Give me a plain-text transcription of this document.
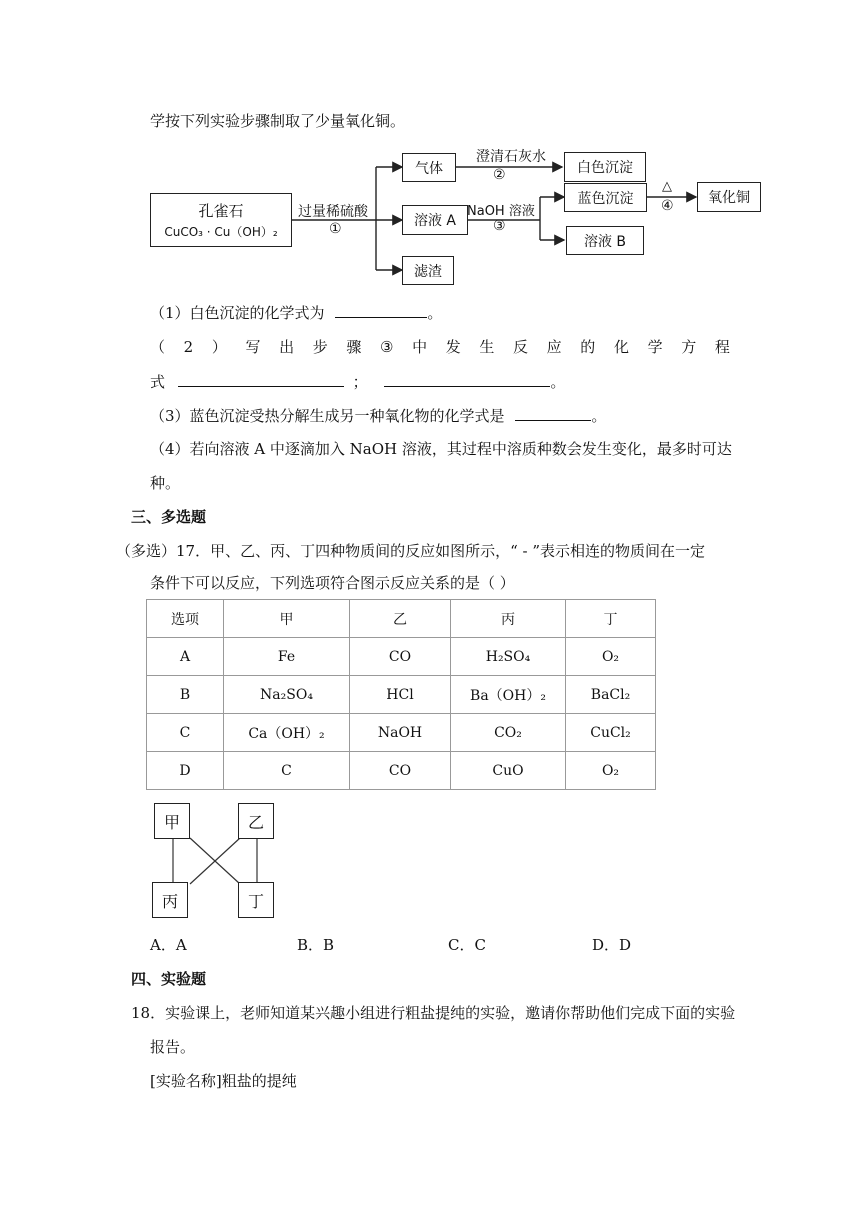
学按下列实验步骤制取了少量氧化铜。
孔雀石
CuCO₃ · Cu（OH）₂
过量稀硫酸
①
气体
溶液 A
滤渣
澄清石灰水
②
NaOH 溶液
③
白色沉淀
蓝色沉淀
溶液 B
△
④	氧化铜
（1）白色沉淀的化学式为	。
（ 2 ） 写 出 步 骤 ③ 中 发 生 反 应 的 化 学 方 程
式	；	。
（3）蓝色沉淀受热分解生成另一种氧化物的化学式是	。
（4）若向溶液 A 中逐滴加入 NaOH 溶液，其过程中溶质种数会发生变化，最多时可达
种。
三、多选题
（多选）17．甲、乙、丙、丁四种物质间的反应如图所示，“ - ”表示相连的物质间在一定
条件下可以反应，下列选项符合图示反应关系的是（ ）
选项	甲	乙	丙	丁
A	Fe	CO	H₂SO₄	O₂
B	Na₂SO₄	HCl	Ba（OH）₂	BaCl₂
C	Ca（OH）₂	NaOH	CO₂	CuCl₂
D	C	CO	CuO	O₂
甲	乙
丙	丁
A．A	B．B	C．C	D．D
四、实验题
18．实验课上，老师知道某兴趣小组进行粗盐提纯的实验，邀请你帮助他们完成下面的实验
报告。
[实验名称]粗盐的提纯
